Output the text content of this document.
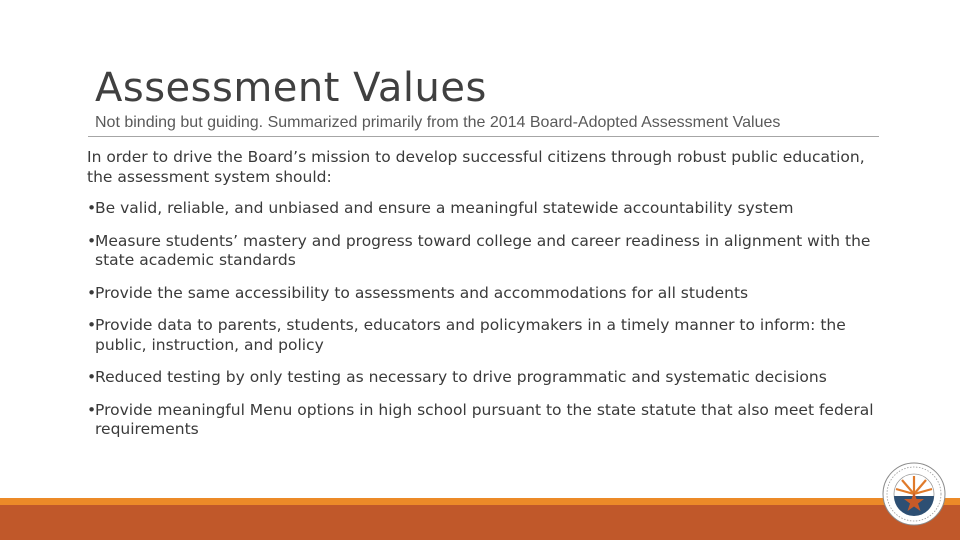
Assessment Values

Not binding but guiding. Summarized primarily from the 2014 Board-Adopted Assessment Values

In order to drive the Board’s mission to develop successful citizens through robust public education, the assessment system should:

•
Be valid, reliable, and unbiased and ensure a meaningful statewide accountability system
•
Measure students’ mastery and progress toward college and career readiness in alignment with the state academic standards
•
Provide the same accessibility to assessments and accommodations for all students
•
Provide data to parents, students, educators and policymakers in a timely manner to inform: the public, instruction, and policy
•
Reduced testing by only testing as necessary to drive programmatic and systematic decisions
•
Provide meaningful Menu options in high school pursuant to the state statute that also meet federal requirements
